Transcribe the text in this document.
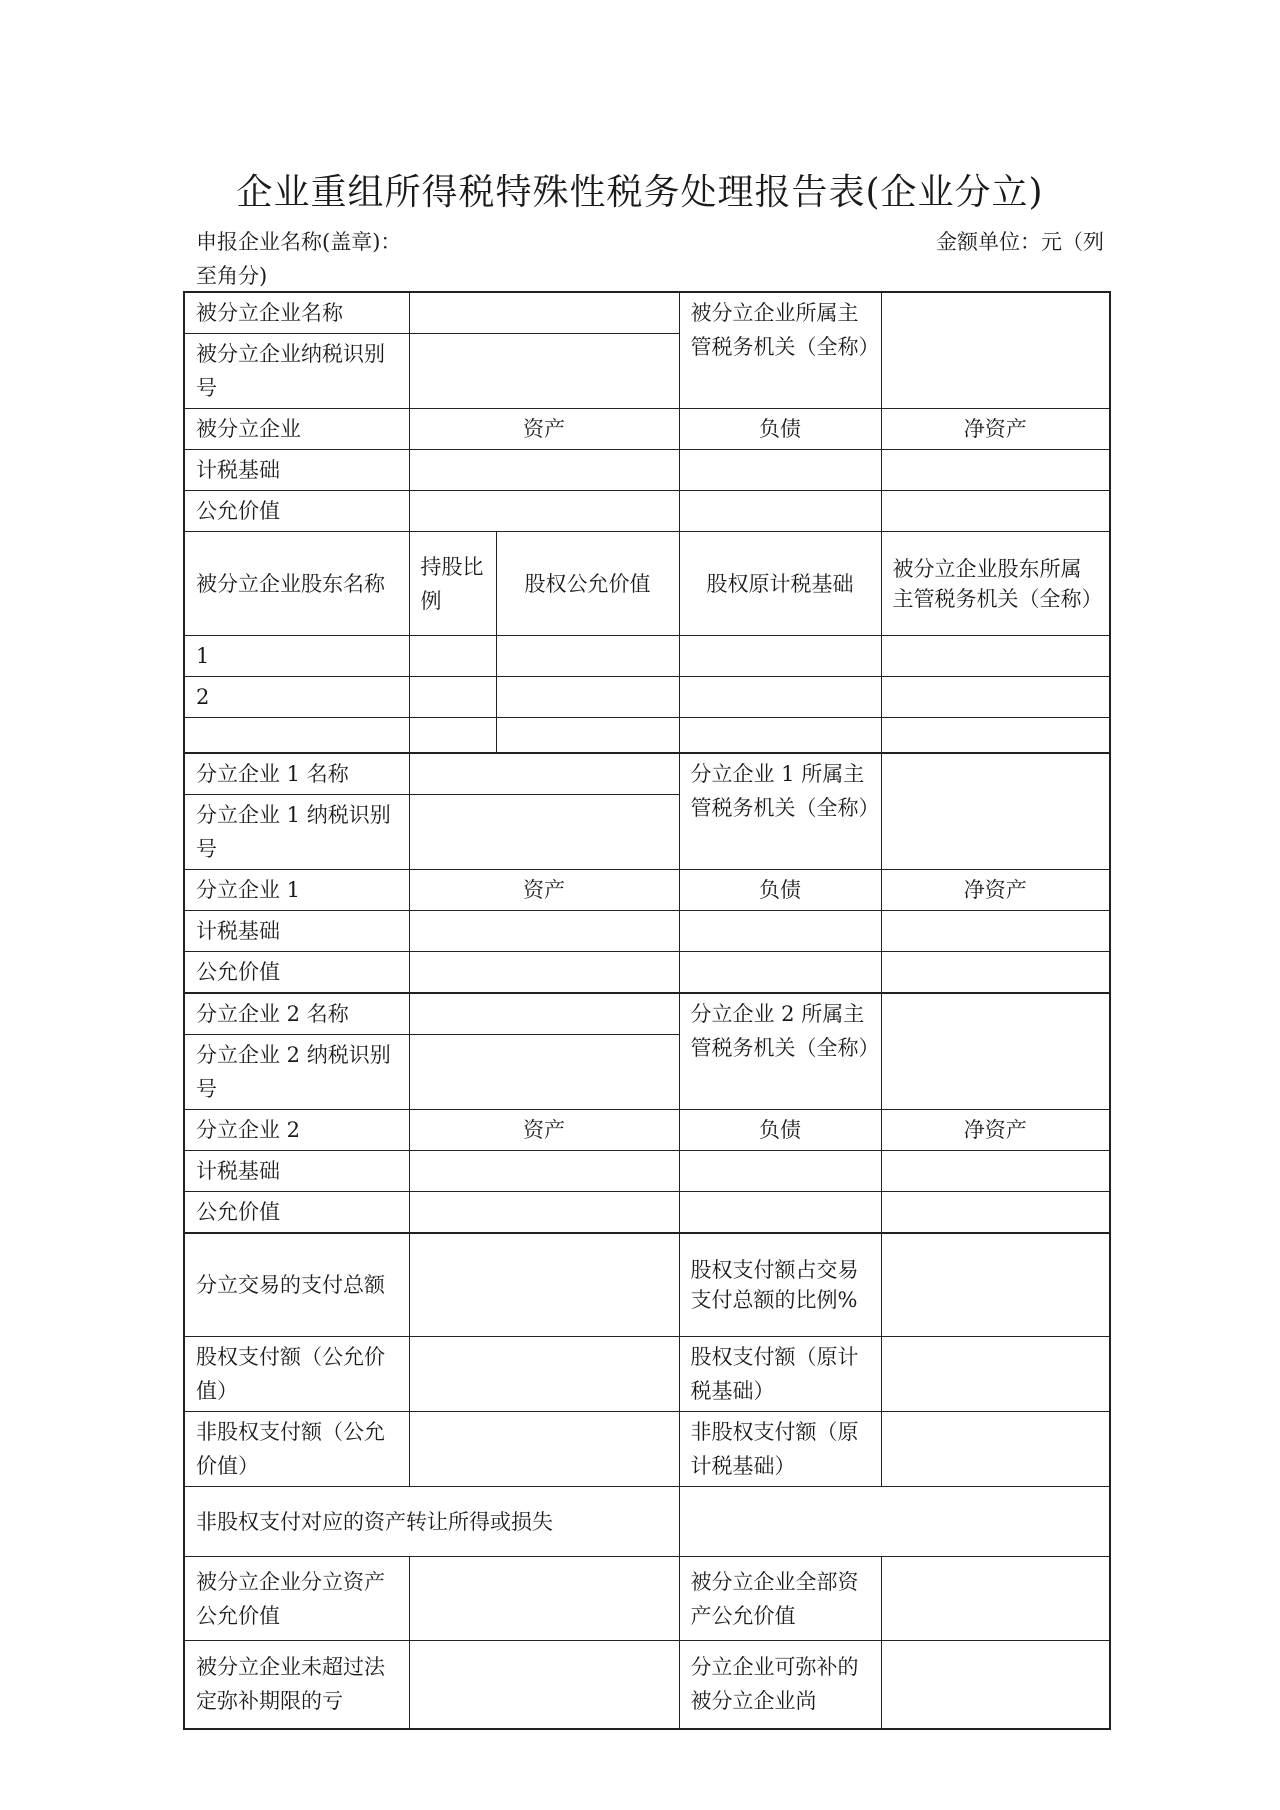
企业重组所得税特殊性税务处理报告表(企业分立)
申报企业名称(盖章)：	金额单位：元（列
至角分)
被分立企业名称			被分立企业所属主管税务机关（全称）	
被分立企业纳税识别号				
被分立企业	资产		负债	净资产
计税基础				
公允价值				
被分立企业股东名称	持股比例	股权公允价值	股权原计税基础	被分立企业股东所属主管税务机关（全称）
1				
2				

分立企业 1 名称			分立企业 1 所属主管税务机关（全称）	
分立企业 1 纳税识别号				
分立企业 1	资产		负债	净资产
计税基础				
公允价值				
分立企业 2 名称			分立企业 2 所属主管税务机关（全称）	
分立企业 2 纳税识别号				
分立企业 2	资产		负债	净资产
计税基础				
公允价值				
分立交易的支付总额			股权支付额占交易支付总额的比例%	
股权支付额（公允价值）			股权支付额（原计税基础）	
非股权支付额（公允价值）			非股权支付额（原计税基础）	
非股权支付对应的资产转让所得或损失				
被分立企业分立资产公允价值			被分立企业全部资产公允价值	
被分立企业未超过法定弥补期限的亏			分立企业可弥补的被分立企业尚	
